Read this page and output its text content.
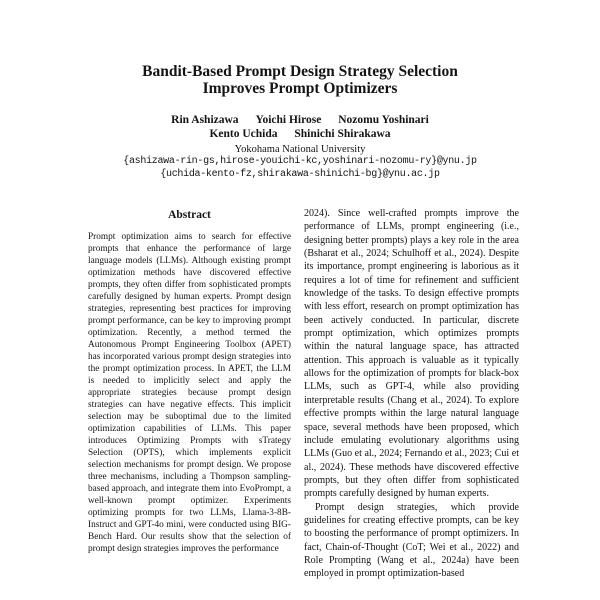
Bandit-Based Prompt Design Strategy Selection
Improves Prompt Optimizers
Rin Ashizawa Yoichi Hirose Nozomu Yoshinari
Kento Uchida Shinichi Shirakawa
Yokohama National University
{ashizawa-rin-gs,hirose-youichi-kc,yoshinari-nozomu-ry}@ynu.jp
{uchida-kento-fz,shirakawa-shinichi-bg}@ynu.ac.jp
Abstract

Prompt optimization aims to search for effective prompts that enhance the performance of large language models (LLMs). Although existing prompt optimization methods have discovered effective prompts, they often differ from sophisticated prompts carefully designed by human experts. Prompt design strategies, representing best practices for improving prompt performance, can be key to improving prompt optimization. Recently, a method termed the Autonomous Prompt Engineering Toolbox (APET) has incorporated various prompt design strategies into the prompt optimization process. In APET, the LLM is needed to implicitly select and apply the appropriate strategies because prompt design strategies can have negative effects. This implicit selection may be suboptimal due to the limited optimization capabilities of LLMs. This paper introduces Optimizing Prompts with sTrategy Selection (OPTS), which implements explicit selection mechanisms for prompt design. We propose three mechanisms, including a Thompson sampling-based approach, and integrate them into EvoPrompt, a well-known prompt optimizer. Experiments optimizing prompts for two LLMs, Llama-3-8B-Instruct and GPT-4o mini, were conducted using BIG-Bench Hard. Our results show that the selection of prompt design strategies improves the performance

2024). Since well-crafted prompts improve the performance of LLMs, prompt engineering (i.e., designing better prompts) plays a key role in the area (Bsharat et al., 2024; Schulhoff et al., 2024). Despite its importance, prompt engineering is laborious as it requires a lot of time for refinement and sufficient knowledge of the tasks. To design effective prompts with less effort, research on prompt optimization has been actively conducted. In particular, discrete prompt optimization, which optimizes prompts within the natural language space, has attracted attention. This approach is valuable as it typically allows for the optimization of prompts for black-box LLMs, such as GPT-4, while also providing interpretable results (Chang et al., 2024). To explore effective prompts within the large natural language space, several methods have been proposed, which include emulating evolutionary algorithms using LLMs (Guo et al., 2024; Fernando et al., 2023; Cui et al., 2024). These methods have discovered effective prompts, but they often differ from sophisticated prompts carefully designed by human experts.

Prompt design strategies, which provide guidelines for creating effective prompts, can be key to boosting the performance of prompt optimizers. In fact, Chain-of-Thought (CoT; Wei et al., 2022) and Role Prompting (Wang et al., 2024a) have been employed in prompt optimization-based
